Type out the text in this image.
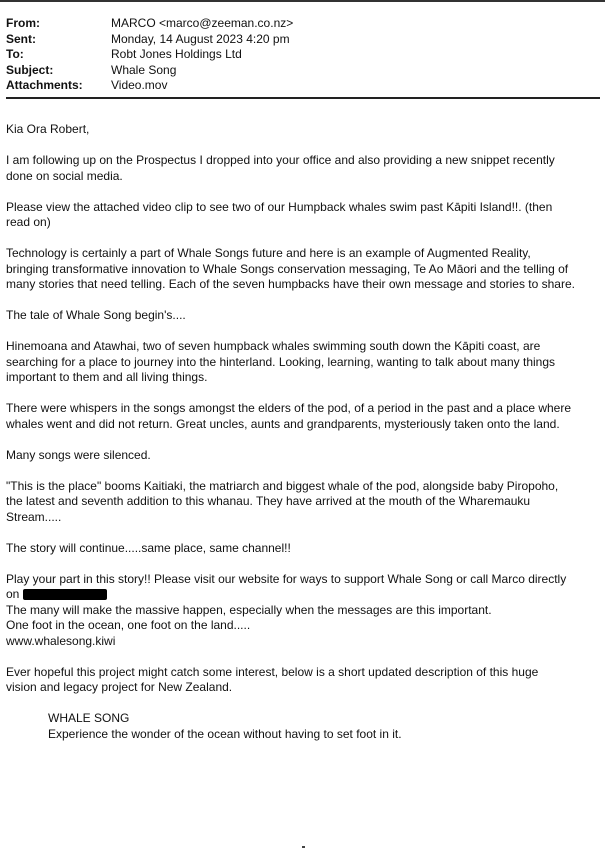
From:	MARCO <marco@zeeman.co.nz>
Sent:	Monday, 14 August 2023 4:20 pm
To:	Robt Jones Holdings Ltd
Subject:	Whale Song
Attachments:	Video.mov

Kia Ora Robert,

I am following up on the Prospectus I dropped into your office and also providing a new snippet recently
done on social media.
Please view the attached video clip to see two of our Humpback whales swim past Kāpiti Island!!. (then
read on)
Technology is certainly a part of Whale Songs future and here is an example of Augmented Reality,
bringing transformative innovation to Whale Songs conservation messaging, Te Ao Māori and the telling of
many stories that need telling. Each of the seven humpbacks have their own message and stories to share.

The tale of Whale Song begin's....

Hinemoana and Atawhai, two of seven humpback whales swimming south down the Kāpiti coast, are
searching for a place to journey into the hinterland. Looking, learning, wanting to talk about many things
important to them and all living things.
There were whispers in the songs amongst the elders of the pod, of a period in the past and a place where
whales went and did not return. Great uncles, aunts and grandparents, mysteriously taken onto the land.

Many songs were silenced.

"This is the place" booms Kaitiaki, the matriarch and biggest whale of the pod, alongside baby Piropoho,
the latest and seventh addition to this whanau. They have arrived at the mouth of the Wharemauku
Stream.....

The story will continue.....same place, same channel!!

Play your part in this story!! Please visit our website for ways to support Whale Song or call Marco directly
on
The many will make the massive happen, especially when the messages are this important.
One foot in the ocean, one foot on the land.....
www.whalesong.kiwi
Ever hopeful this project might catch some interest, below is a short updated description of this huge
vision and legacy project for New Zealand.
WHALE SONG
Experience the wonder of the ocean without having to set foot in it.
